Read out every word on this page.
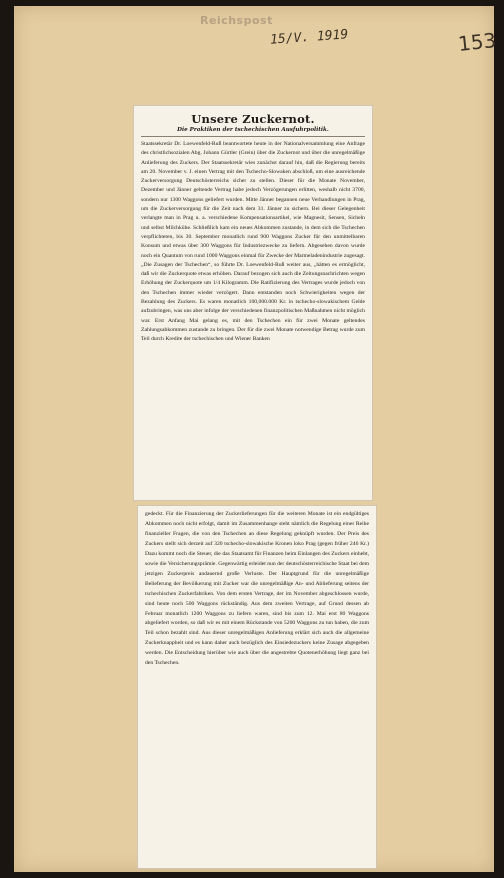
Reichspost
15/V. 1919	153
Unsere Zuckernot.
Die Praktiken der tschechischen Ausfuhrpolitik.

Staatssekretär Dr. Loewenfeld-Ruß beantwortete heute in der Nationalversammlung eine Anfrage des christlichsozialen Abg. Johann Gürtler (Grein) über die Zuckernot und über die unregelmäßige Anlieferung des Zuckers. Der Staatssekretär wies zunächst darauf hin, daß die Regierung bereits am 20. November v. J. einen Vertrag mit den Tschecho-Slowaken abschloß, um eine ausreichende Zuckerversorgung Deutschösterreichs sicher zu stellen. Dieser für die Monate November, Dezember und Jänner geltende Vertrag habe jedoch Verzögerungen erlitten, weshalb nicht 3700, sondern nur 1300 Waggons geliefert wurden. Mitte Jänner begannen neue Verhandlungen in Prag, um die Zuckerversorgung für die Zeit nach dem 31. Jänner zu sichern. Bei dieser Gelegenheit verlangte man in Prag u. a. verschiedene Kompensationsartikel, wie Magnesit, Sensen, Sicheln und selbst Milchkühe. Schließlich kam ein neues Abkommen zustande, in dem sich die Tschechen verpflichteten, bis 30. September monatlich rund 900 Waggons Zucker für den unmittelbaren Konsum und etwas über 300 Waggons für Industriezwecke zu liefern. Abgesehen davon wurde noch ein Quantum von rund 1000 Waggons einmal für Zwecke der Marmeladenindustrie zugesagt. „Die Zusagen der Tschechen“, so führte Dr. Loewenfeld-Ruß weiter aus, „hätten es ermöglicht, daß wir die Zuckerquote etwas erhöhen. Darauf bezogen sich auch die Zeitungsnachrichten wegen Erhöhung der Zuckerquote um 1/4 Kilogramm. Die Ratifizierung des Vertrages wurde jedoch von den Tschechen immer wieder verzögert. Dann entstanden noch Schwierigkeiten wegen der Bezahlung des Zuckers. Es waren monatlich 100,000.000 Kr. in tschecho-slowakischem Gelde aufzubringen, was uns aber infolge der verschiedenen finanzpolitischen Maßnahmen nicht möglich war. Erst Anfang Mai gelang es, mit den Tschechen ein für zwei Monate geltendes Zahlungsabkommen zustande zu bringen. Der für die zwei Monate notwendige Betrag wurde zum Teil durch Kredite der tschechischen und Wiener Banken

gedeckt. Für die Finanzierung der Zuckerlieferungen für die weiteren Monate ist ein endgültiges Abkommen noch nicht erfolgt, damit im Zusammenhange steht nämlich die Regelung einer Reihe finanzieller Fragen, die von den Tschechen an diese Regelung geknüpft wurden. Der Preis des Zuckers stellt sich derzeit auf 320 tschecho-slowakische Kronen loko Prag (gegen früher 246 Kr.) Dazu kommt noch die Steuer, die das Staatsamt für Finanzen beim Einlangen des Zuckers einhebt, sowie die Versicherungsprämie. Gegenwärtig erleidet nun der deutschösterreichische Staat bei dem jetzigen Zuckerpreis andauernd große Verluste. Der Hauptgrund für die unregelmäßige Belieferung der Bevölkerung mit Zucker war die unregelmäßige An- und Ablieferung seitens der tschechischen Zuckerfabriken. Von dem ersten Vertrage, der im November abgeschlossen wurde, sind heute noch 500 Waggons rückständig. Aus dem zweiten Vertrage, auf Grund dessen ab Februar monatlich 1200 Waggons zu liefern waren, sind bis zum 12. Mai erst 80 Waggons abgeliefert worden, so daß wir es mit einem Rückstande von 5200 Waggons zu tun haben, die zum Teil schon bezahlt sind. Aus dieser unregelmäßigen Anlieferung erklärt sich auch die allgemeine Zuckerknappheit und es kann daher auch bezüglich des Einsiedezuckers keine Zusage abgegeben werden. Die Entscheidung hierüber wie auch über die angestrebte Quotenerhöhung liegt ganz bei den Tschechen.
